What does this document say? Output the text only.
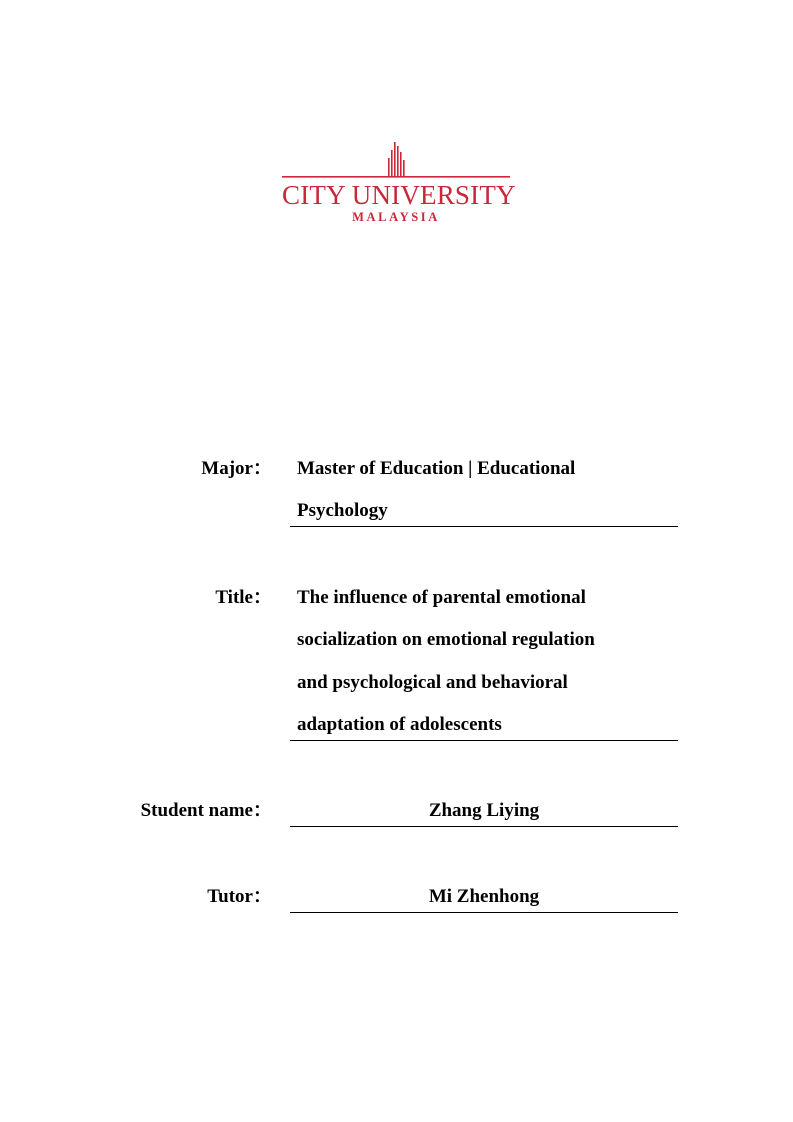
CITY UNIVERSITY
MALAYSIA
Major： Master of Education | Educational
Psychology
Title： The influence of parental emotional
socialization on emotional regulation
and psychological and behavioral
adaptation of adolescents
Student name：	Zhang Liying
Tutor：	Mi Zhenhong
